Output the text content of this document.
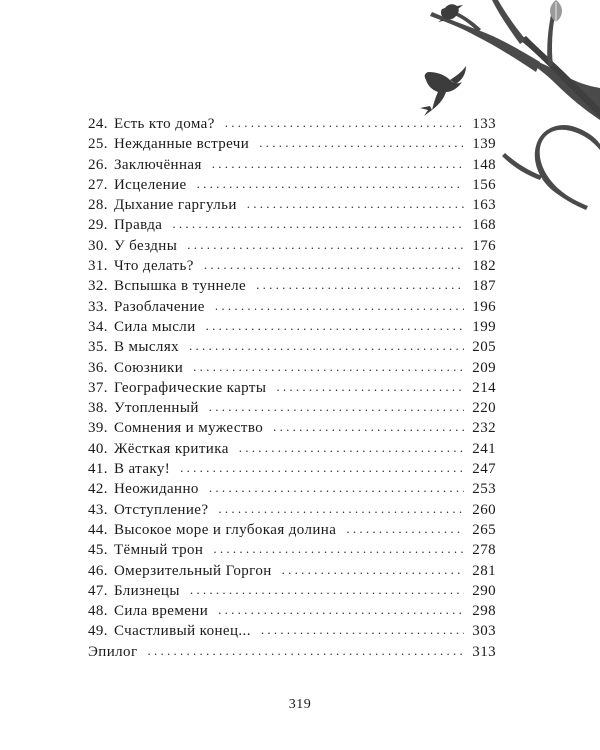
24. Есть кто дома? . . .	133
25. Нежданные встречи . . .	139
26. Заключённая . . .	148
27. Исцеление . . .	156
28. Дыхание гаргульи . . .	163
29. Правда . . .	168
30. У бездны . . .	176
31. Что делать? . . .	182
32. Вспышка в туннеле . . .	187
33. Разоблачение . . .	196
34. Сила мысли . . .	199
35. В мыслях . . .	205
36. Союзники . . .	209
37. Географические карты . . .	214
38. Утопленный . . .	220
39. Сомнения и мужество . . .	232
40. Жёсткая критика . . .	241
41. В атаку! . . .	247
42. Неожиданно . . .	253
43. Отступление? . . .	260
44. Высокое море и глубокая долина . . .	265
45. Тёмный трон . . .	278
46. Омерзительный Горгон . . .	281
47. Близнецы . . .	290
48. Сила времени . . .	298
49. Счастливый конец... . . .	303
Эпилог . . .	313
319
